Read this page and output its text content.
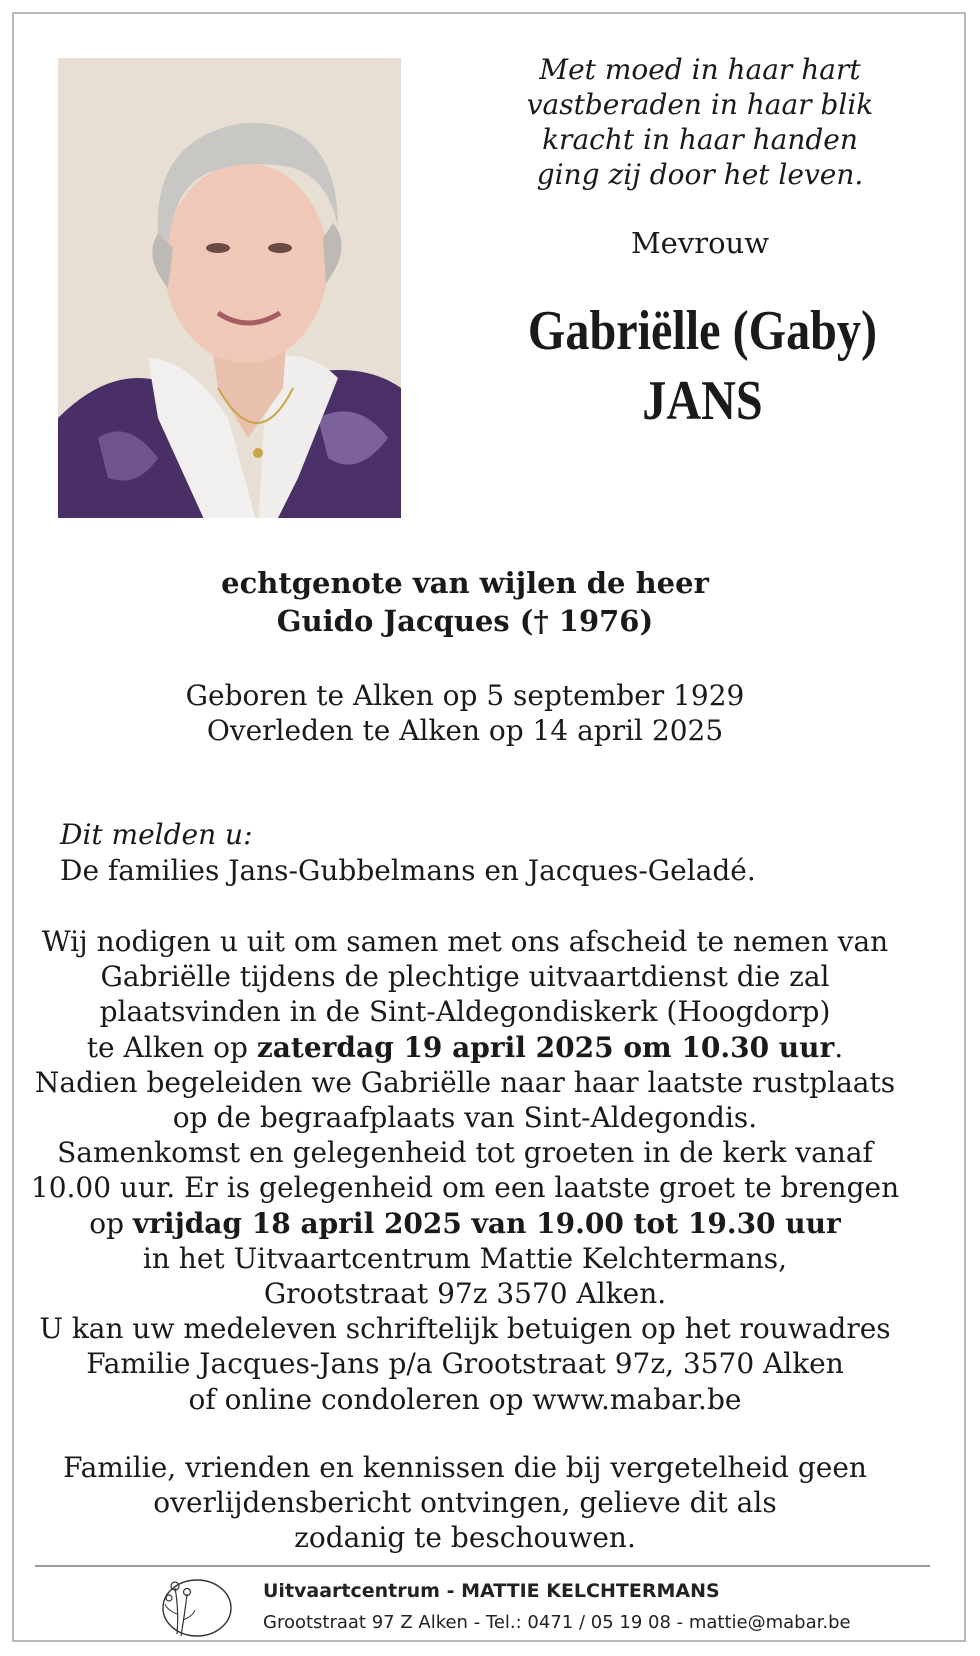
Met moed in haar hart
vastberaden in haar blik
kracht in haar handen
ging zij door het leven.
Mevrouw
Gabriëlle (Gaby)
JANS
echtgenote van wijlen de heer
Guido Jacques († 1976)
Geboren te Alken op 5 september 1929
Overleden te Alken op 14 april 2025
Dit melden u:
De families Jans-Gubbelmans en Jacques-Geladé.
Wij nodigen u uit om samen met ons afscheid te nemen van
Gabriëlle tijdens de plechtige uitvaartdienst die zal
plaatsvinden in de Sint-Aldegondiskerk (Hoogdorp)
te Alken op zaterdag 19 april 2025 om 10.30 uur.
Nadien begeleiden we Gabriëlle naar haar laatste rustplaats
op de begraafplaats van Sint-Aldegondis.
Samenkomst en gelegenheid tot groeten in de kerk vanaf
10.00 uur. Er is gelegenheid om een laatste groet te brengen
op vrijdag 18 april 2025 van 19.00 tot 19.30 uur
in het Uitvaartcentrum Mattie Kelchtermans,
Grootstraat 97z 3570 Alken.
U kan uw medeleven schriftelijk betuigen op het rouwadres
Familie Jacques-Jans p/a Grootstraat 97z, 3570 Alken
of online condoleren op www.mabar.be
Familie, vrienden en kennissen die bij vergetelheid geen
overlijdensbericht ontvingen, gelieve dit als
zodanig te beschouwen.
Uitvaartcentrum - MATTIE KELCHTERMANS
Grootstraat 97 Z Alken - Tel.: 0471 / 05 19 08 - mattie@mabar.be
